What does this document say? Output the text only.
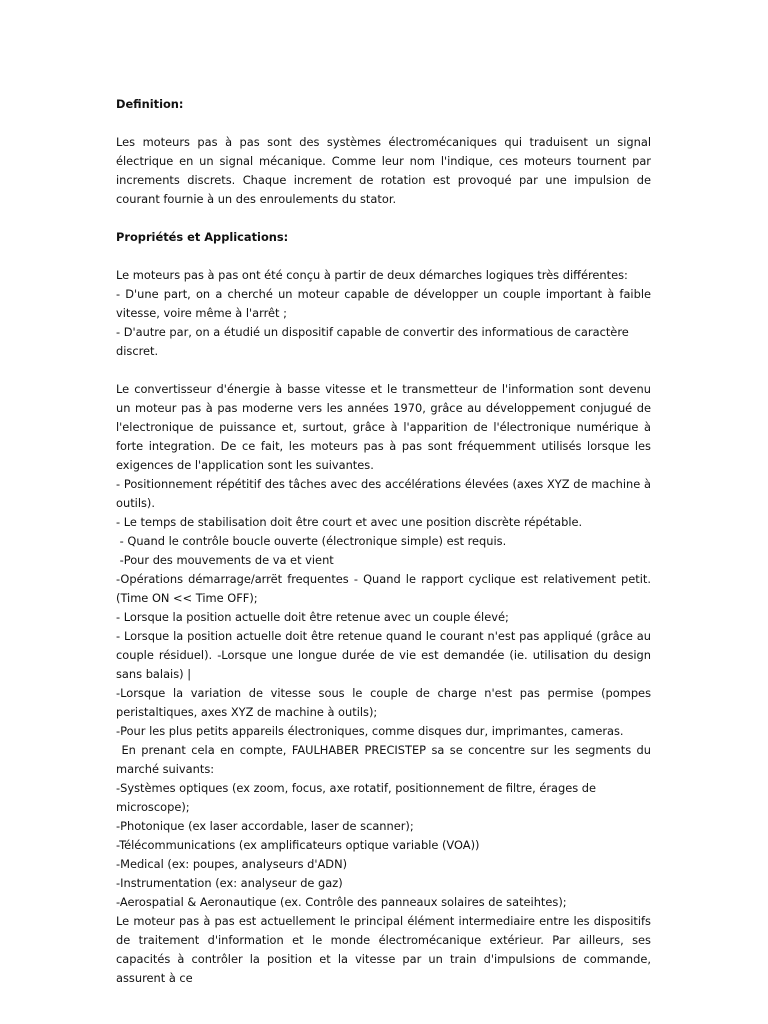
Definition:

Les moteurs pas à pas sont des systèmes électromécaniques qui traduisent un signal électrique en un signal mécanique. Comme leur nom l'indique, ces moteurs tournent par increments discrets. Chaque increment de rotation est provoqué par une impulsion de courant fournie à un des enroulements du stator.

Propriétés et Applications:

Le moteurs pas à pas ont été conçu à partir de deux démarches logiques très différentes:

- D'une part, on a cherché un moteur capable de développer un couple important à faible vitesse, voire même à l'arrêt ;

- D'autre par, on a étudié un dispositif capable de convertir des informatious de caractère discret.

Le convertisseur d'énergie à basse vitesse et le transmetteur de l'information sont devenu un moteur pas à pas moderne vers les années 1970, grâce au développement conjugué de l'electronique de puissance et, surtout, grâce à l'apparition de l'électronique numérique à forte integration. De ce fait, les moteurs pas à pas sont fréquemment utilisés lorsque les exigences de l'application sont les suivantes.

- Positionnement répétitif des tâches avec des accélérations élevées (axes XYZ de machine à outils).

- Le temps de stabilisation doit être court et avec une position discrète répétable.

- Quand le contrôle boucle ouverte (électronique simple) est requis.

-Pour des mouvements de va et vient

-Opérations démarrage/arrët frequentes - Quand le rapport cyclique est relativement petit. (Time ON << Time OFF);

- Lorsque la position actuelle doit être retenue avec un couple élevé;

- Lorsque la position actuelle doit être retenue quand le courant n'est pas appliqué (grâce au couple résiduel). -Lorsque une longue durée de vie est demandée (ie. utilisation du design sans balais) |

-Lorsque la variation de vitesse sous le couple de charge n'est pas permise (pompes peristaltiques, axes XYZ de machine à outils);

-Pour les plus petits appareils électroniques, comme disques dur, imprimantes, cameras.

En prenant cela en compte, FAULHABER PRECISTEP sa se concentre sur les segments du marché suivants:

-Systèmes optiques (ex zoom, focus, axe rotatif, positionnement de filtre, érages de microscope);

-Photonique (ex laser accordable, laser de scanner);

-Télécommunications (ex amplificateurs optique variable (VOA))

-Medical (ex: poupes, analyseurs d'ADN)

-Instrumentation (ex: analyseur de gaz)

-Aerospatial & Aeronautique (ex. Contrôle des panneaux solaires de sateihtes);

Le moteur pas à pas est actuellement le principal élément intermediaire entre les dispositifs de traitement d'information et le monde électromécanique extérieur. Par ailleurs, ses capacités à contrôler la position et la vitesse par un train d'impulsions de commande, assurent à ce
